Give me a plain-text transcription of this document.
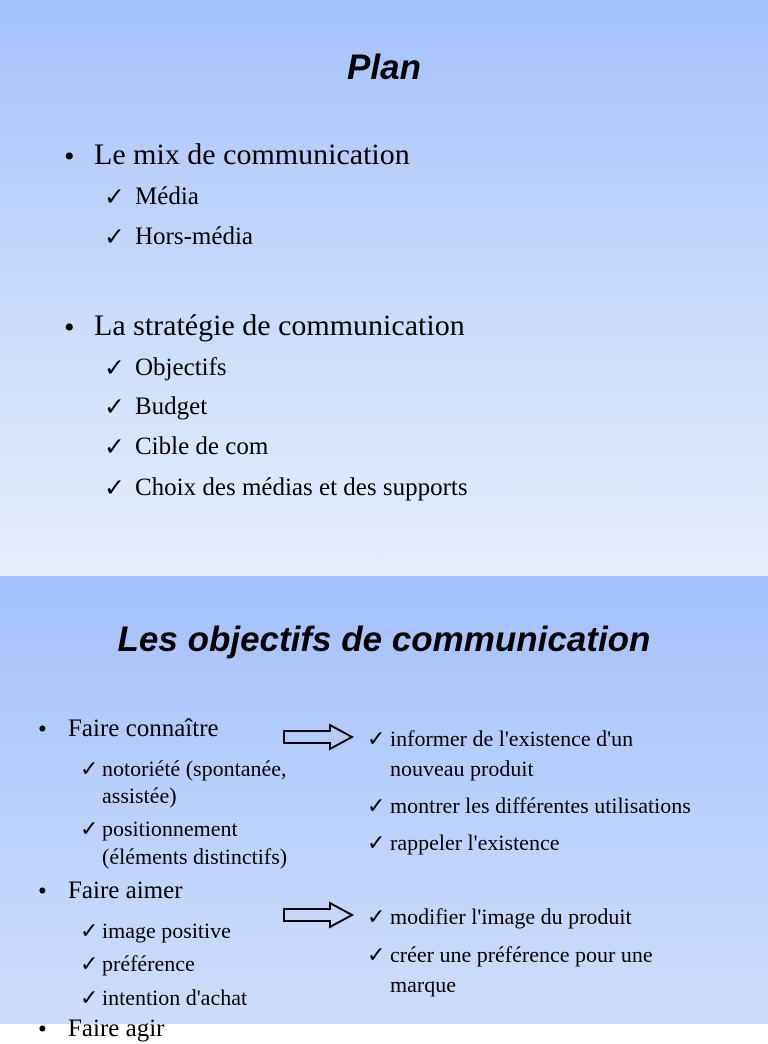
Plan
• Le mix de communication
✓ Média
✓ Hors-média
• La stratégie de communication
✓ Objectifs
✓ Budget
✓ Cible de com
✓ Choix des médias et des supports
Les objectifs de communication
• Faire connaître
✓ notoriété (spontanée,
assistée)
✓ positionnement
(éléments distinctifs)
✓ informer de l'existence d'un
nouveau produit
✓ montrer les différentes utilisations
✓ rappeler l'existence
• Faire aimer
✓ image positive
✓ préférence
✓ intention d'achat
✓ modifier l'image du produit
✓ créer une préférence pour une
marque
• Faire agir
